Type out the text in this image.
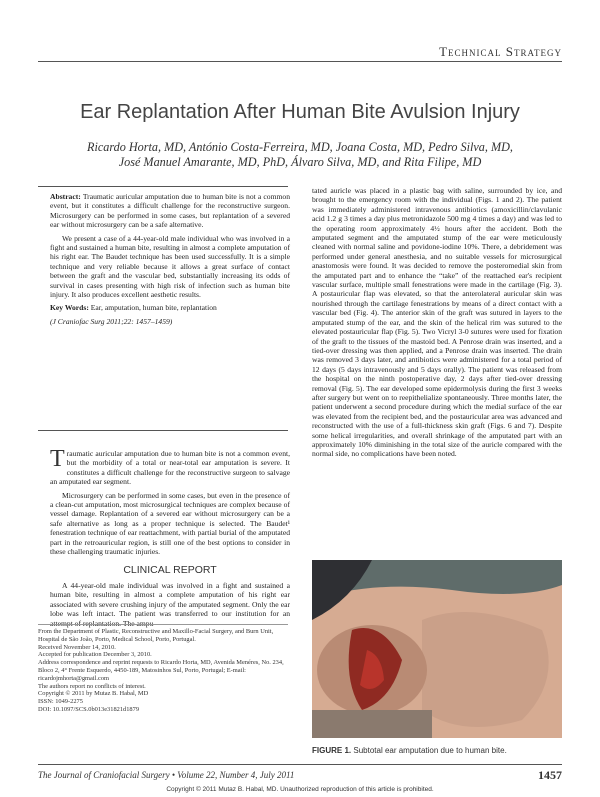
Technical Strategy
Ear Replantation After Human Bite Avulsion Injury
Ricardo Horta, MD, António Costa-Ferreira, MD, Joana Costa, MD, Pedro Silva, MD,
José Manuel Amarante, MD, PhD, Álvaro Silva, MD, and Rita Filipe, MD

Abstract: Traumatic auricular amputation due to human bite is not a common event, but it constitutes a difficult challenge for the reconstructive surgeon. Microsurgery can be performed in some cases, but replantation of a severed ear without microsurgery can be a safe alternative.

We present a case of a 44-year-old male individual who was involved in a fight and sustained a human bite, resulting in almost a complete amputation of his right ear. The Baudet technique has been used successfully. It is a simple technique and very reliable because it allows a great surface of contact between the graft and the vascular bed, substantially increasing its odds of survival in cases presenting with high risk of infection such as human bite injury. It also produces excellent aesthetic results.

Key Words: Ear, amputation, human bite, replantation

(J Craniofac Surg 2011;22: 1457–1459)

Traumatic auricular amputation due to human bite is not a common event, but the morbidity of a total or near-total ear amputation is severe. It constitutes a difficult challenge for the reconstructive surgeon to salvage an amputated ear segment.

Microsurgery can be performed in some cases, but even in the presence of a clean-cut amputation, most microsurgical techniques are complex because of vessel damage. Replantation of a severed ear without microsurgery can be a safe alternative as long as a proper technique is selected. The Baudet¹ fenestration technique of ear reattachment, with partial burial of the amputated part in the retroauricular region, is still one of the best options to consider in these challenging traumatic injuries.

CLINICAL REPORT

A 44-year-old male individual was involved in a fight and sustained a human bite, resulting in almost a complete amputation of his right ear associated with severe crushing injury of the amputated segment. Only the ear lobe was left intact. The patient was transferred to our institution for an attempt of replantation. The ampu-

From the Department of Plastic, Reconstructive and Maxillo-Facial Surgery, and Burn Unit, Hospital de São João, Porto, Medical School, Porto, Portugal.
Received November 14, 2010.
Accepted for publication December 3, 2010.
Address correspondence and reprint requests to Ricardo Horta, MD, Avenida Menéres, No. 234, Bloco 2, 4° Frente Esquerdo, 4450-189, Matosinhos Sul, Porto, Portugal; E-mail: ricardojmhorta@gmail.com
The authors report no conflicts of interest.
Copyright © 2011 by Mutaz B. Habal, MD
ISSN: 1049-2275
DOI: 10.1097/SCS.0b013e31821d1879

tated auricle was placed in a plastic bag with saline, surrounded by ice, and brought to the emergency room with the individual (Figs. 1 and 2). The patient was immediately administered intravenous antibiotics (amoxicillin/clavulanic acid 1.2 g 3 times a day plus metronidazole 500 mg 4 times a day) and was led to the operating room approximately 4½ hours after the accident. Both the amputated segment and the amputated stump of the ear were meticulously cleaned with normal saline and povidone-iodine 10%. There, a debridement was performed under general anesthesia, and no suitable vessels for microsurgical anastomosis were found. It was decided to remove the posteromedial skin from the amputated part and to enhance the “take” of the reattached ear's recipient vascular surface, multiple small fenestrations were made in the cartilage (Fig. 3). A postauricular flap was elevated, so that the anterolateral auricular skin was nourished through the cartilage fenestrations by means of a direct contact with a vascular bed (Fig. 4). The anterior skin of the graft was sutured in layers to the amputated stump of the ear, and the skin of the helical rim was sutured to the elevated postauricular flap (Fig. 5). Two Vicryl 3-0 sutures were used for fixation of the graft to the tissues of the mastoid bed. A Penrose drain was inserted, and a tied-over dressing was then applied, and a Penrose drain was inserted. The drain was removed 3 days later, and antibiotics were administered for a total period of 12 days (5 days intravenously and 5 days orally). The patient was released from the hospital on the ninth postoperative day, 2 days after tied-over dressing removal (Fig. 5). The ear developed some epidermolysis during the first 3 weeks after surgery but went on to reepithelialize spontaneously. Three months later, the patient underwent a second procedure during which the medial surface of the ear was elevated from the recipient bed, and the postauricular area was advanced and reconstructed with the use of a full-thickness skin graft (Figs. 6 and 7). Despite some helical irregularities, and overall shrinkage of the amputated part with an approximately 10% diminishing in the total size of the auricle compared with the normal side, no complications have been noted.

FIGURE 1. Subtotal ear amputation due to human bite.
The Journal of Craniofacial Surgery • Volume 22, Number 4, July 2011	1457
Copyright © 2011 Mutaz B. Habal, MD. Unauthorized reproduction of this article is prohibited.
